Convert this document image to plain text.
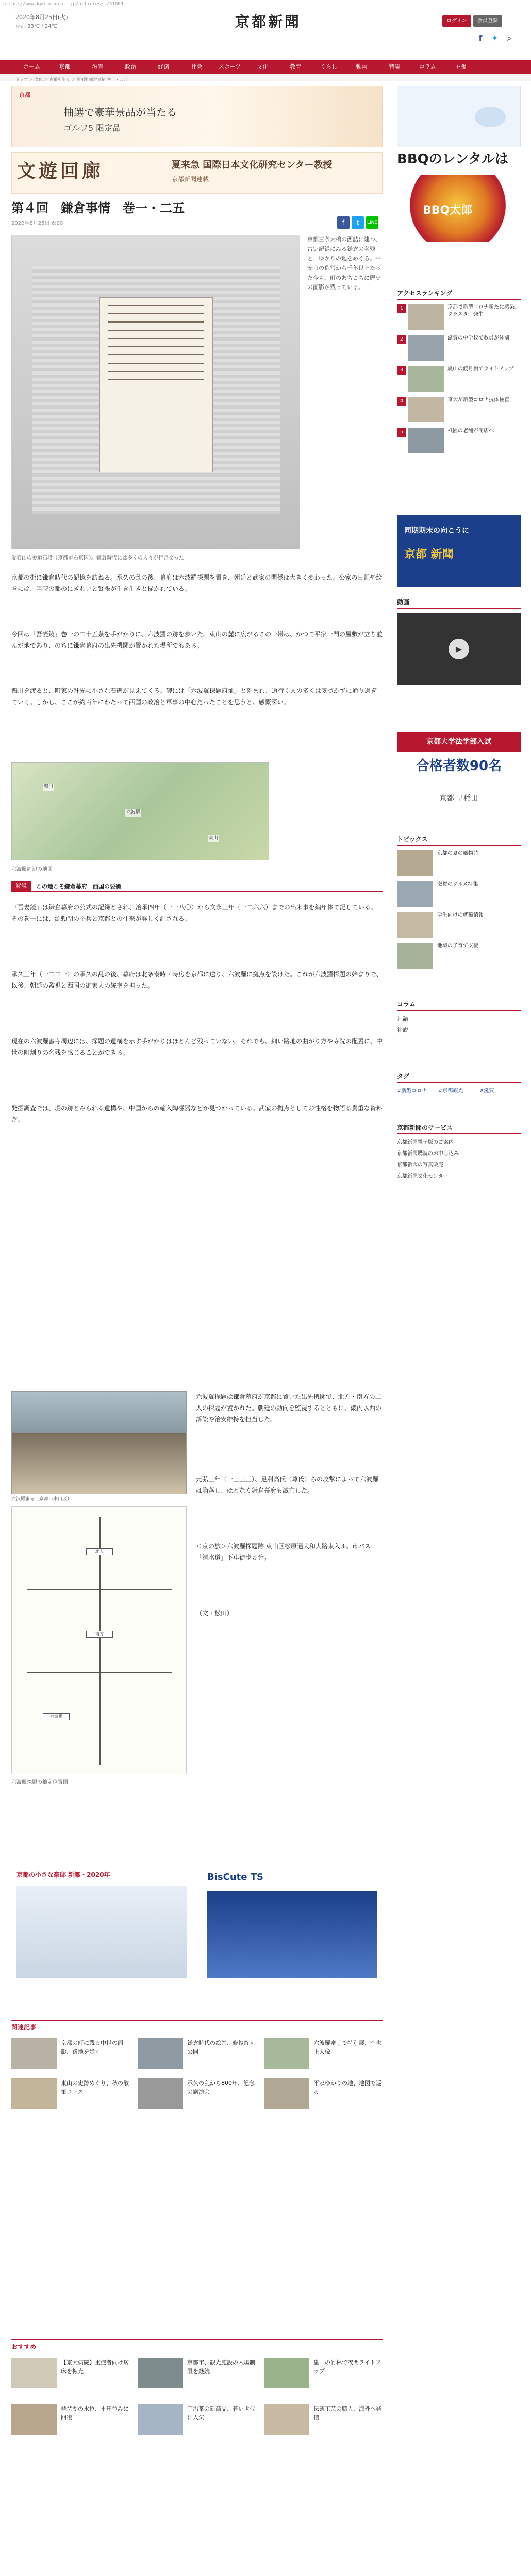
https://www.kyoto-np.co.jp/articles/-/31009
2020年8月25日(火)
京都 33℃ / 24℃	京都新聞	ログイン	会員登録
f	✦	⌕
ホーム	京都	滋賀	政治	経済	社会	スポーツ	文化	教育	くらし	動画	特集	コラム	主張
トップ ＞ 文化 ＞ 古都を歩く ＞ 第4回 鎌倉事情 巻一・二五
京都
抽選で豪華景品が当たる
ゴルフ5 限定品
文遊回廊	夏来急 国際日本文化研究センター教授
京都新聞連載
BBQのレンタルは
BBQ太郎
第４回　鎌倉事情　巻一・二五
2020年8月25日 6:00	f	t	LINE
京都三条大橋の西詰に建つ、古い記録にみる鎌倉の名残と、ゆかりの地をめぐる。平安京の造営から千年以上たった今も、町のあちこちに歴史の面影が残っている。
愛宕山の参道石段（京都市右京区）。鎌倉時代には多くの人々が行き交った

京都の街に鎌倉時代の記憶を訪ねる。承久の乱の後、幕府は六波羅探題を置き、朝廷と武家の関係は大きく変わった。公家の日記や絵巻には、当時の都のにぎわいと緊張が生き生きと描かれている。

今回は「吾妻鏡」巻一の二十五条を手がかりに、六波羅の跡を歩いた。東山の麓に広がるこの一帯は、かつて平家一門の屋敷が立ち並んだ地であり、のちに鎌倉幕府の出先機関が置かれた場所でもある。

鴨川を渡ると、町家の軒先に小さな石碑が見えてくる。碑には「六波羅探題府址」と刻まれ、道行く人の多くは気づかずに通り過ぎていく。しかし、ここが約百年にわたって西国の政治と軍事の中心だったことを思うと、感慨深い。

鴨川
六波羅
東山
六波羅周辺の地図
解説	この地こそ鎌倉幕府　西国の要衝

『吾妻鏡』は鎌倉幕府の公式の記録とされ、治承四年（一一八〇）から文永三年（一二六六）までの出来事を編年体で記している。その巻一には、源頼朝の挙兵と京都との往来が詳しく記される。

承久三年（一二二一）の承久の乱の後、幕府は北条泰時・時房を京都に送り、六波羅に拠点を設けた。これが六波羅探題の始まりで、以後、朝廷の監視と西国の御家人の統率を担った。

現在の六波羅蜜寺周辺には、探題の遺構を示す手がかりはほとんど残っていない。それでも、細い路地の曲がり方や寺院の配置に、中世の町割りの名残を感じることができる。

発掘調査では、堀の跡とみられる遺構や、中国からの輸入陶磁器などが見つかっている。武家の拠点としての性格を物語る貴重な資料だ。

六波羅蜜寺（京都市東山区）
北方
南方
六波羅
六波羅探題の推定位置図

六波羅探題は鎌倉幕府が京都に置いた出先機関で、北方・南方の二人の探題が置かれた。朝廷の動向を監視するとともに、畿内以西の訴訟や治安維持を担当した。

元弘三年（一三三三）、足利高氏（尊氏）らの攻撃によって六波羅は陥落し、ほどなく鎌倉幕府も滅亡した。

＜京の旅＞六波羅探題跡 東山区松原通大和大路東入ル。市バス「清水道」下車徒歩５分。

（文・松田）

京都の小さな豪邸 新築・2020年	BisCute TS
関連記事
京都の町に残る中世の面影、路地を歩く
鎌倉時代の絵巻、修復終え公開
六波羅蜜寺で特別展、空也上人像
東山の史跡めぐり、秋の散策コース
承久の乱から800年、記念の講演会
平家ゆかりの地、地図で巡る
おすすめ
【京大病院】重症者向け病床を拡充
京都市、観光施設の入場制限を継続
嵐山の竹林で夜間ライトアップ
琵琶湖の水位、平年並みに回復
宇治茶の新商品、若い世代に人気
伝統工芸の職人、海外へ発信
アクセスランキング
1	京都で新型コロナ新たに感染、クラスター発生
2	滋賀の中学校で教員が体罰
3	嵐山の渡月橋でライトアップ
4	京大が新型コロナ抗体検査
5	祇園の老舗が閉店へ
同期期末の向こうに
京都 新聞
動画
▶
京都大学法学部入試
合格者数90名
京都 早稲田
トピックス
京都の夏の風物詩
滋賀のグルメ特集
学生向けの就職情報
地域の子育て支援
コラム
凡語
社説
タグ
#新型コロナ #京都観光	#滋賀
京都新聞のサービス
京都新聞電子版のご案内
京都新聞購読のお申し込み
京都新聞の写真販売
京都新聞文化センター
